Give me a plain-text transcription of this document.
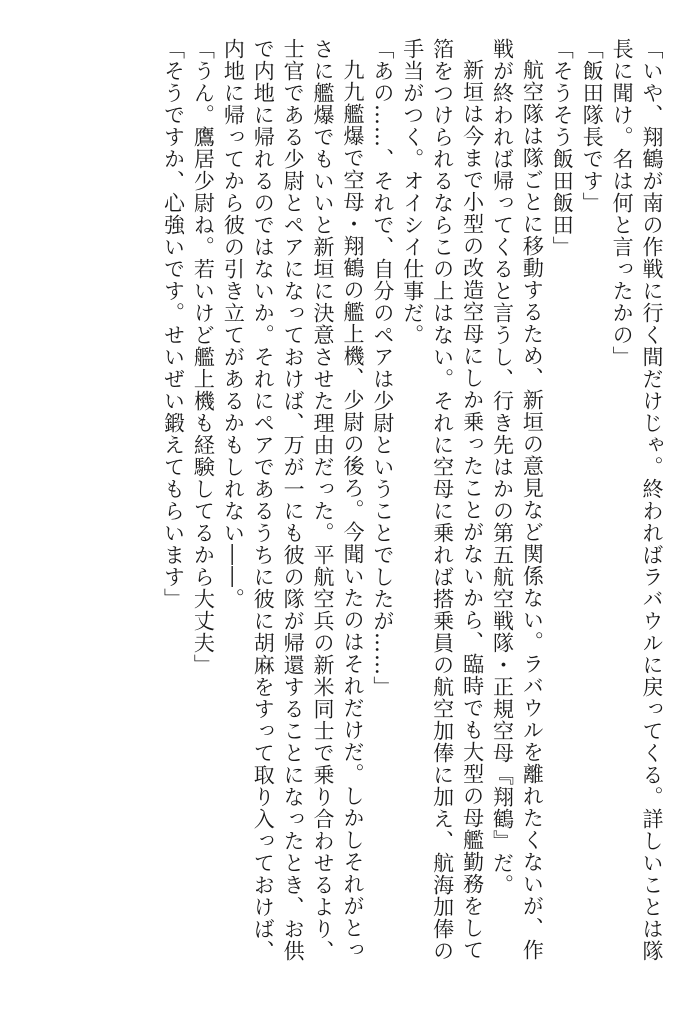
「いや、翔鶴が南の作戦に行く間だけじゃ。終わればラバウルに戻ってくる。詳しいことは隊
長に聞け。名は何と言ったかの」
「飯田隊長です」
「そうそう飯田飯田」
航空隊は隊ごとに移動するため、新垣の意見など関係ない。ラバウルを離れたくないが、作
戦が終われば帰ってくると言うし、行き先はかの第五航空戦隊・正規空母『翔鶴』だ。
新垣は今まで小型の改造空母にしか乗ったことがないから、臨時でも大型の母艦勤務をして
箔をつけられるならこの上はない。それに空母に乗れば搭乗員の航空加俸に加え、航海加俸の
手当がつく。オイシイ仕事だ。
「あの……、それで、自分のペアは少尉ということでしたが……」
九九艦爆で空母・翔鶴の艦上機、少尉の後ろ。今聞いたのはそれだけだ。しかしそれがとっ
さに艦爆でもいいと新垣に決意させた理由だった。平航空兵の新米同士で乗り合わせるより、
士官である少尉とペアになっておけば、万が一にも彼の隊が帰還することになったとき、お供
で内地に帰れるのではないか。それにペアであるうちに彼に胡麻をすって取り入っておけば、
内地に帰ってから彼の引き立てがあるかもしれない――。
「うん。鷹居少尉ね。若いけど艦上機も経験してるから大丈夫」
「そうですか、心強いです。せいぜい鍛えてもらいます」
